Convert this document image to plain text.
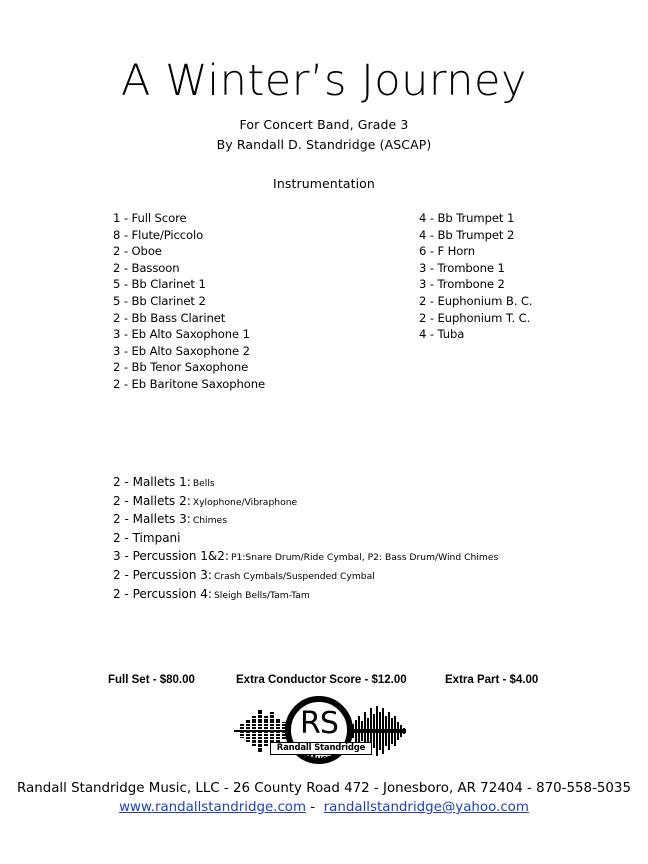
A Winter’s Journey
For Concert Band, Grade 3
By Randall D. Standridge (ASCAP)
Instrumentation
1 - Full Score
8 - Flute/Piccolo
2 - Oboe
2 - Bassoon
5 - Bb Clarinet 1
5 - Bb Clarinet 2
2 - Bb Bass Clarinet
3 - Eb Alto Saxophone 1
3 - Eb Alto Saxophone 2
2 - Bb Tenor Saxophone
2 - Eb Baritone Saxophone
4 - Bb Trumpet 1
4 - Bb Trumpet 2
6 - F Horn
3 - Trombone 1
3 - Trombone 2
2 - Euphonium B. C.
2 - Euphonium T. C.
4 - Tuba
2 - Mallets 1: Bells
2 - Mallets 2: Xylophone/Vibraphone
2 - Mallets 3: Chimes
2 - Timpani
3 - Percussion 1&2: P1:Snare Drum/Ride Cymbal, P2: Bass Drum/Wind Chimes
2 - Percussion 3: Crash Cymbals/Suspended Cymbal
2 - Percussion 4: Sleigh Bells/Tam-Tam
Full Set - $80.00	Extra Conductor Score - $12.00	Extra Part - $4.00
RS
Randall Standridge Music
Randall Standridge Music, LLC - 26 County Road 472 - Jonesboro, AR 72404 - 870-558-5035
www.randallstandridge.com -  randallstandridge@yahoo.com
